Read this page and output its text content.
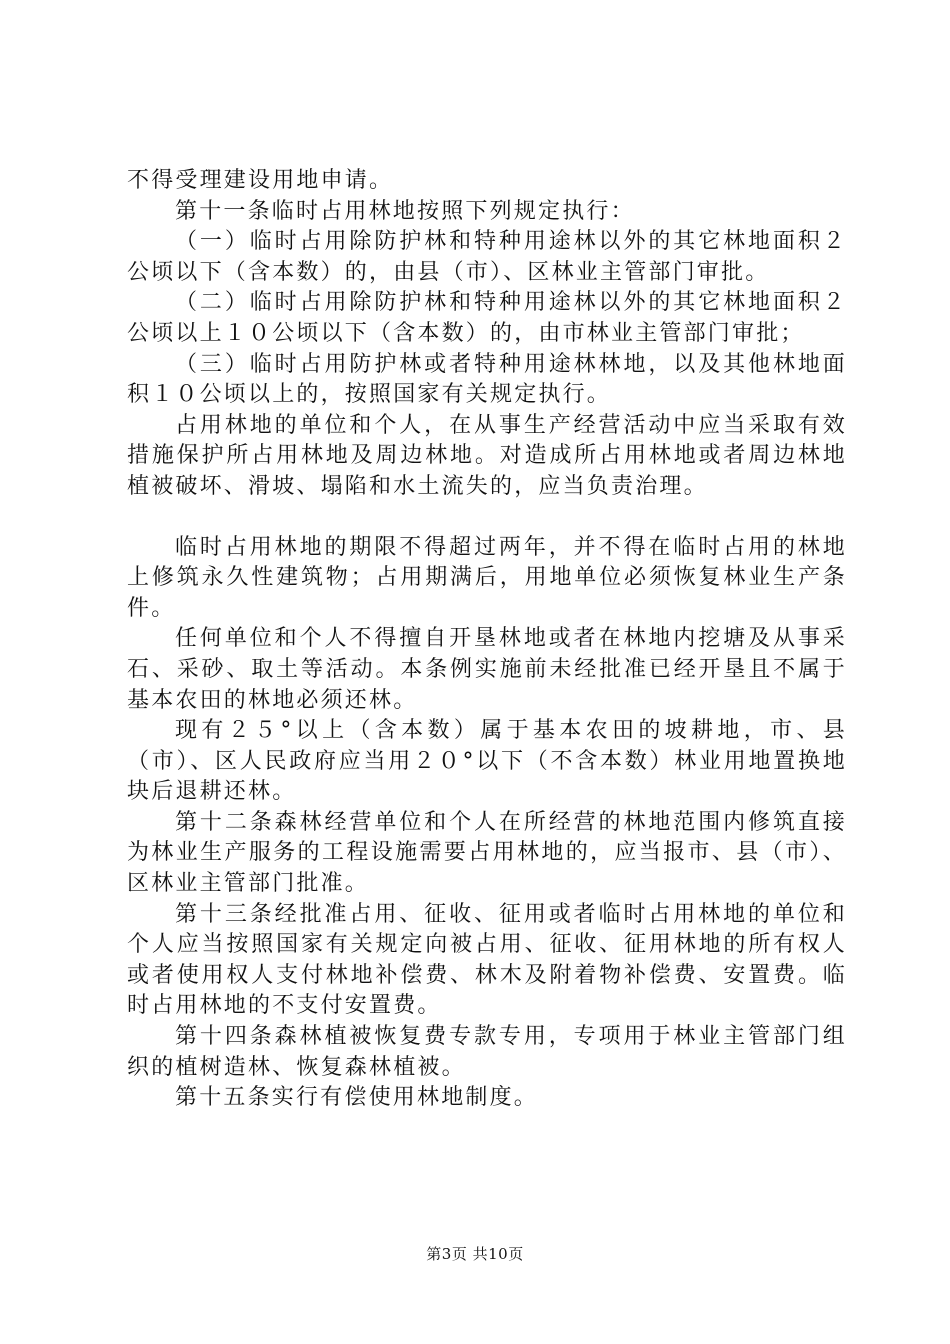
不得受理建设用地申请。

第十一条临时占用林地按照下列规定执行：

（一）临时占用除防护林和特种用途林以外的其它林地面积２公顷以下（含本数）的，由县（市）、区林业主管部门审批。

（二）临时占用除防护林和特种用途林以外的其它林地面积２公顷以上１０公顷以下（含本数）的，由市林业主管部门审批；

（三）临时占用防护林或者特种用途林林地，以及其他林地面积１０公顷以上的，按照国家有关规定执行。

占用林地的单位和个人，在从事生产经营活动中应当采取有效措施保护所占用林地及周边林地。对造成所占用林地或者周边林地植被破坏、滑坡、塌陷和水土流失的，应当负责治理。

临时占用林地的期限不得超过两年，并不得在临时占用的林地上修筑永久性建筑物；占用期满后，用地单位必须恢复林业生产条件。

任何单位和个人不得擅自开垦林地或者在林地内挖塘及从事采石、采砂、取土等活动。本条例实施前未经批准已经开垦且不属于基本农田的林地必须还林。

现有２５°以上（含本数）属于基本农田的坡耕地，市、县（市）、区人民政府应当用２０°以下（不含本数）林业用地置换地块后退耕还林。

第十二条森林经营单位和个人在所经营的林地范围内修筑直接为林业生产服务的工程设施需要占用林地的，应当报市、县（市）、区林业主管部门批准。

第十三条经批准占用、征收、征用或者临时占用林地的单位和个人应当按照国家有关规定向被占用、征收、征用林地的所有权人或者使用权人支付林地补偿费、林木及附着物补偿费、安置费。临时占用林地的不支付安置费。

第十四条森林植被恢复费专款专用，专项用于林业主管部门组织的植树造林、恢复森林植被。

第十五条实行有偿使用林地制度。

第3页 共10页
